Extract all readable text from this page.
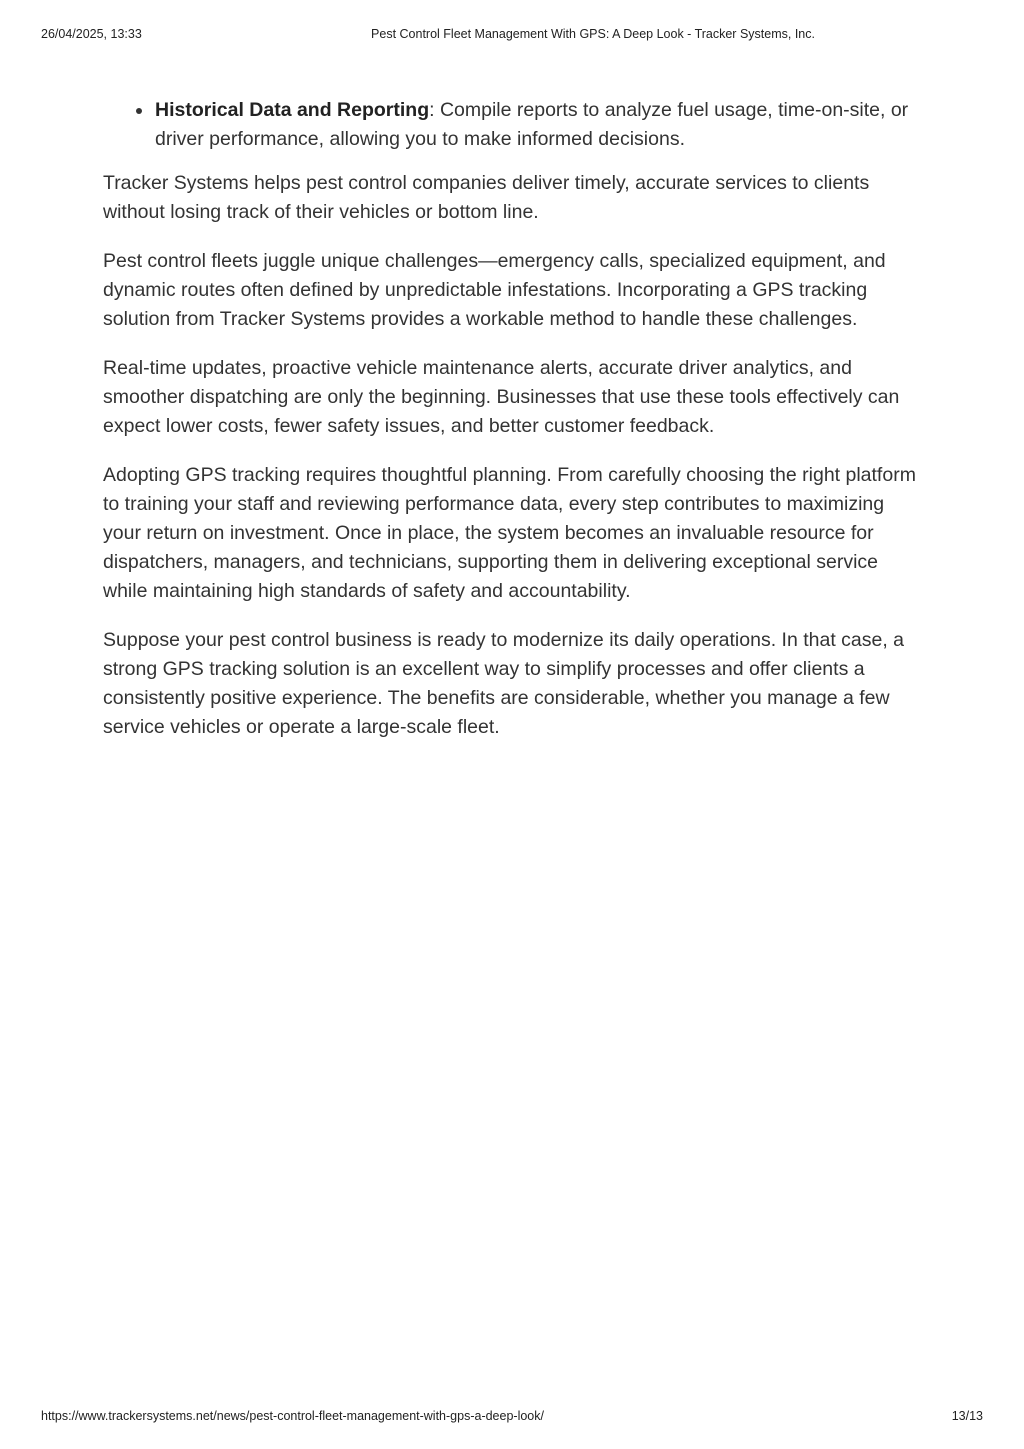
26/04/2025, 13:33	Pest Control Fleet Management With GPS: A Deep Look - Tracker Systems, Inc.
Historical Data and Reporting: Compile reports to analyze fuel usage, time-on-site, or driver performance, allowing you to make informed decisions.

Tracker Systems helps pest control companies deliver timely, accurate services to clients without losing track of their vehicles or bottom line.

Pest control fleets juggle unique challenges—emergency calls, specialized equipment, and dynamic routes often defined by unpredictable infestations. Incorporating a GPS tracking solution from Tracker Systems provides a workable method to handle these challenges.

Real-time updates, proactive vehicle maintenance alerts, accurate driver analytics, and smoother dispatching are only the beginning. Businesses that use these tools effectively can expect lower costs, fewer safety issues, and better customer feedback.

Adopting GPS tracking requires thoughtful planning. From carefully choosing the right platform to training your staff and reviewing performance data, every step contributes to maximizing your return on investment. Once in place, the system becomes an invaluable resource for dispatchers, managers, and technicians, supporting them in delivering exceptional service while maintaining high standards of safety and accountability.

Suppose your pest control business is ready to modernize its daily operations. In that case, a strong GPS tracking solution is an excellent way to simplify processes and offer clients a consistently positive experience. The benefits are considerable, whether you manage a few service vehicles or operate a large-scale fleet.

https://www.trackersystems.net/news/pest-control-fleet-management-with-gps-a-deep-look/	13/13
